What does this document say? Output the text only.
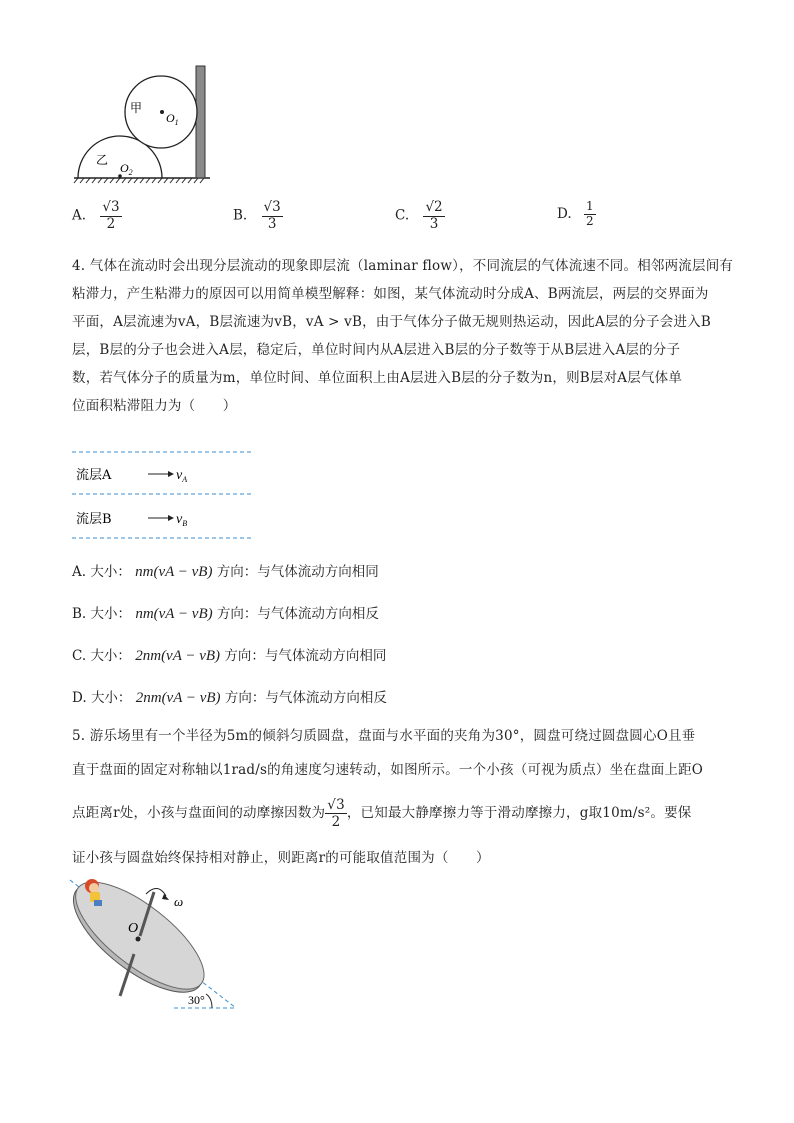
甲
$O_1$
乙
$O_2$
A. $\frac{√3}{2}$	B. $\frac{√3}{3}$	C. $\frac{√2}{3}$	D. $\frac{1}{2}$
4. 气体在流动时会出现分层流动的现象即层流（laminar flow），不同流层的气体流速不同。相邻两流层间有
粘滞力，产生粘滞力的原因可以用简单模型解释：如图，某气体流动时分成A、B两流层，两层的交界面为
平面，A层流速为vA，B层流速为vB，vA > vB，由于气体分子做无规则热运动，因此A层的分子会进入B
层，B层的分子也会进入A层，稳定后，单位时间内从A层进入B层的分子数等于从B层进入A层的分子
数，若气体分子的质量为m，单位时间、单位面积上由A层进入B层的分子数为n，则B层对A层气体单
位面积粘滞阻力为（　　）
流层A	$v_A$
流层B	$v_B$
A. 大小： nm(vA − vB) 方向：与气体流动方向相同
B. 大小： nm(vA − vB) 方向：与气体流动方向相反
C. 大小： 2nm(vA − vB) 方向：与气体流动方向相同
D. 大小： 2nm(vA − vB) 方向：与气体流动方向相反
5. 游乐场里有一个半径为5m的倾斜匀质圆盘，盘面与水平面的夹角为30°，圆盘可绕过圆盘圆心O且垂
直于盘面的固定对称轴以1rad/s的角速度匀速转动，如图所示。一个小孩（可视为质点）坐在盘面上距O
点距离r处，小孩与盘面间的动摩擦因数为 $\frac{√3}{2}$ ，已知最大静摩擦力等于滑动摩擦力，g取10m/s²。要保
证小孩与圆盘始终保持相对静止，则距离r的可能取值范围为（　　）
ω
O
30°
